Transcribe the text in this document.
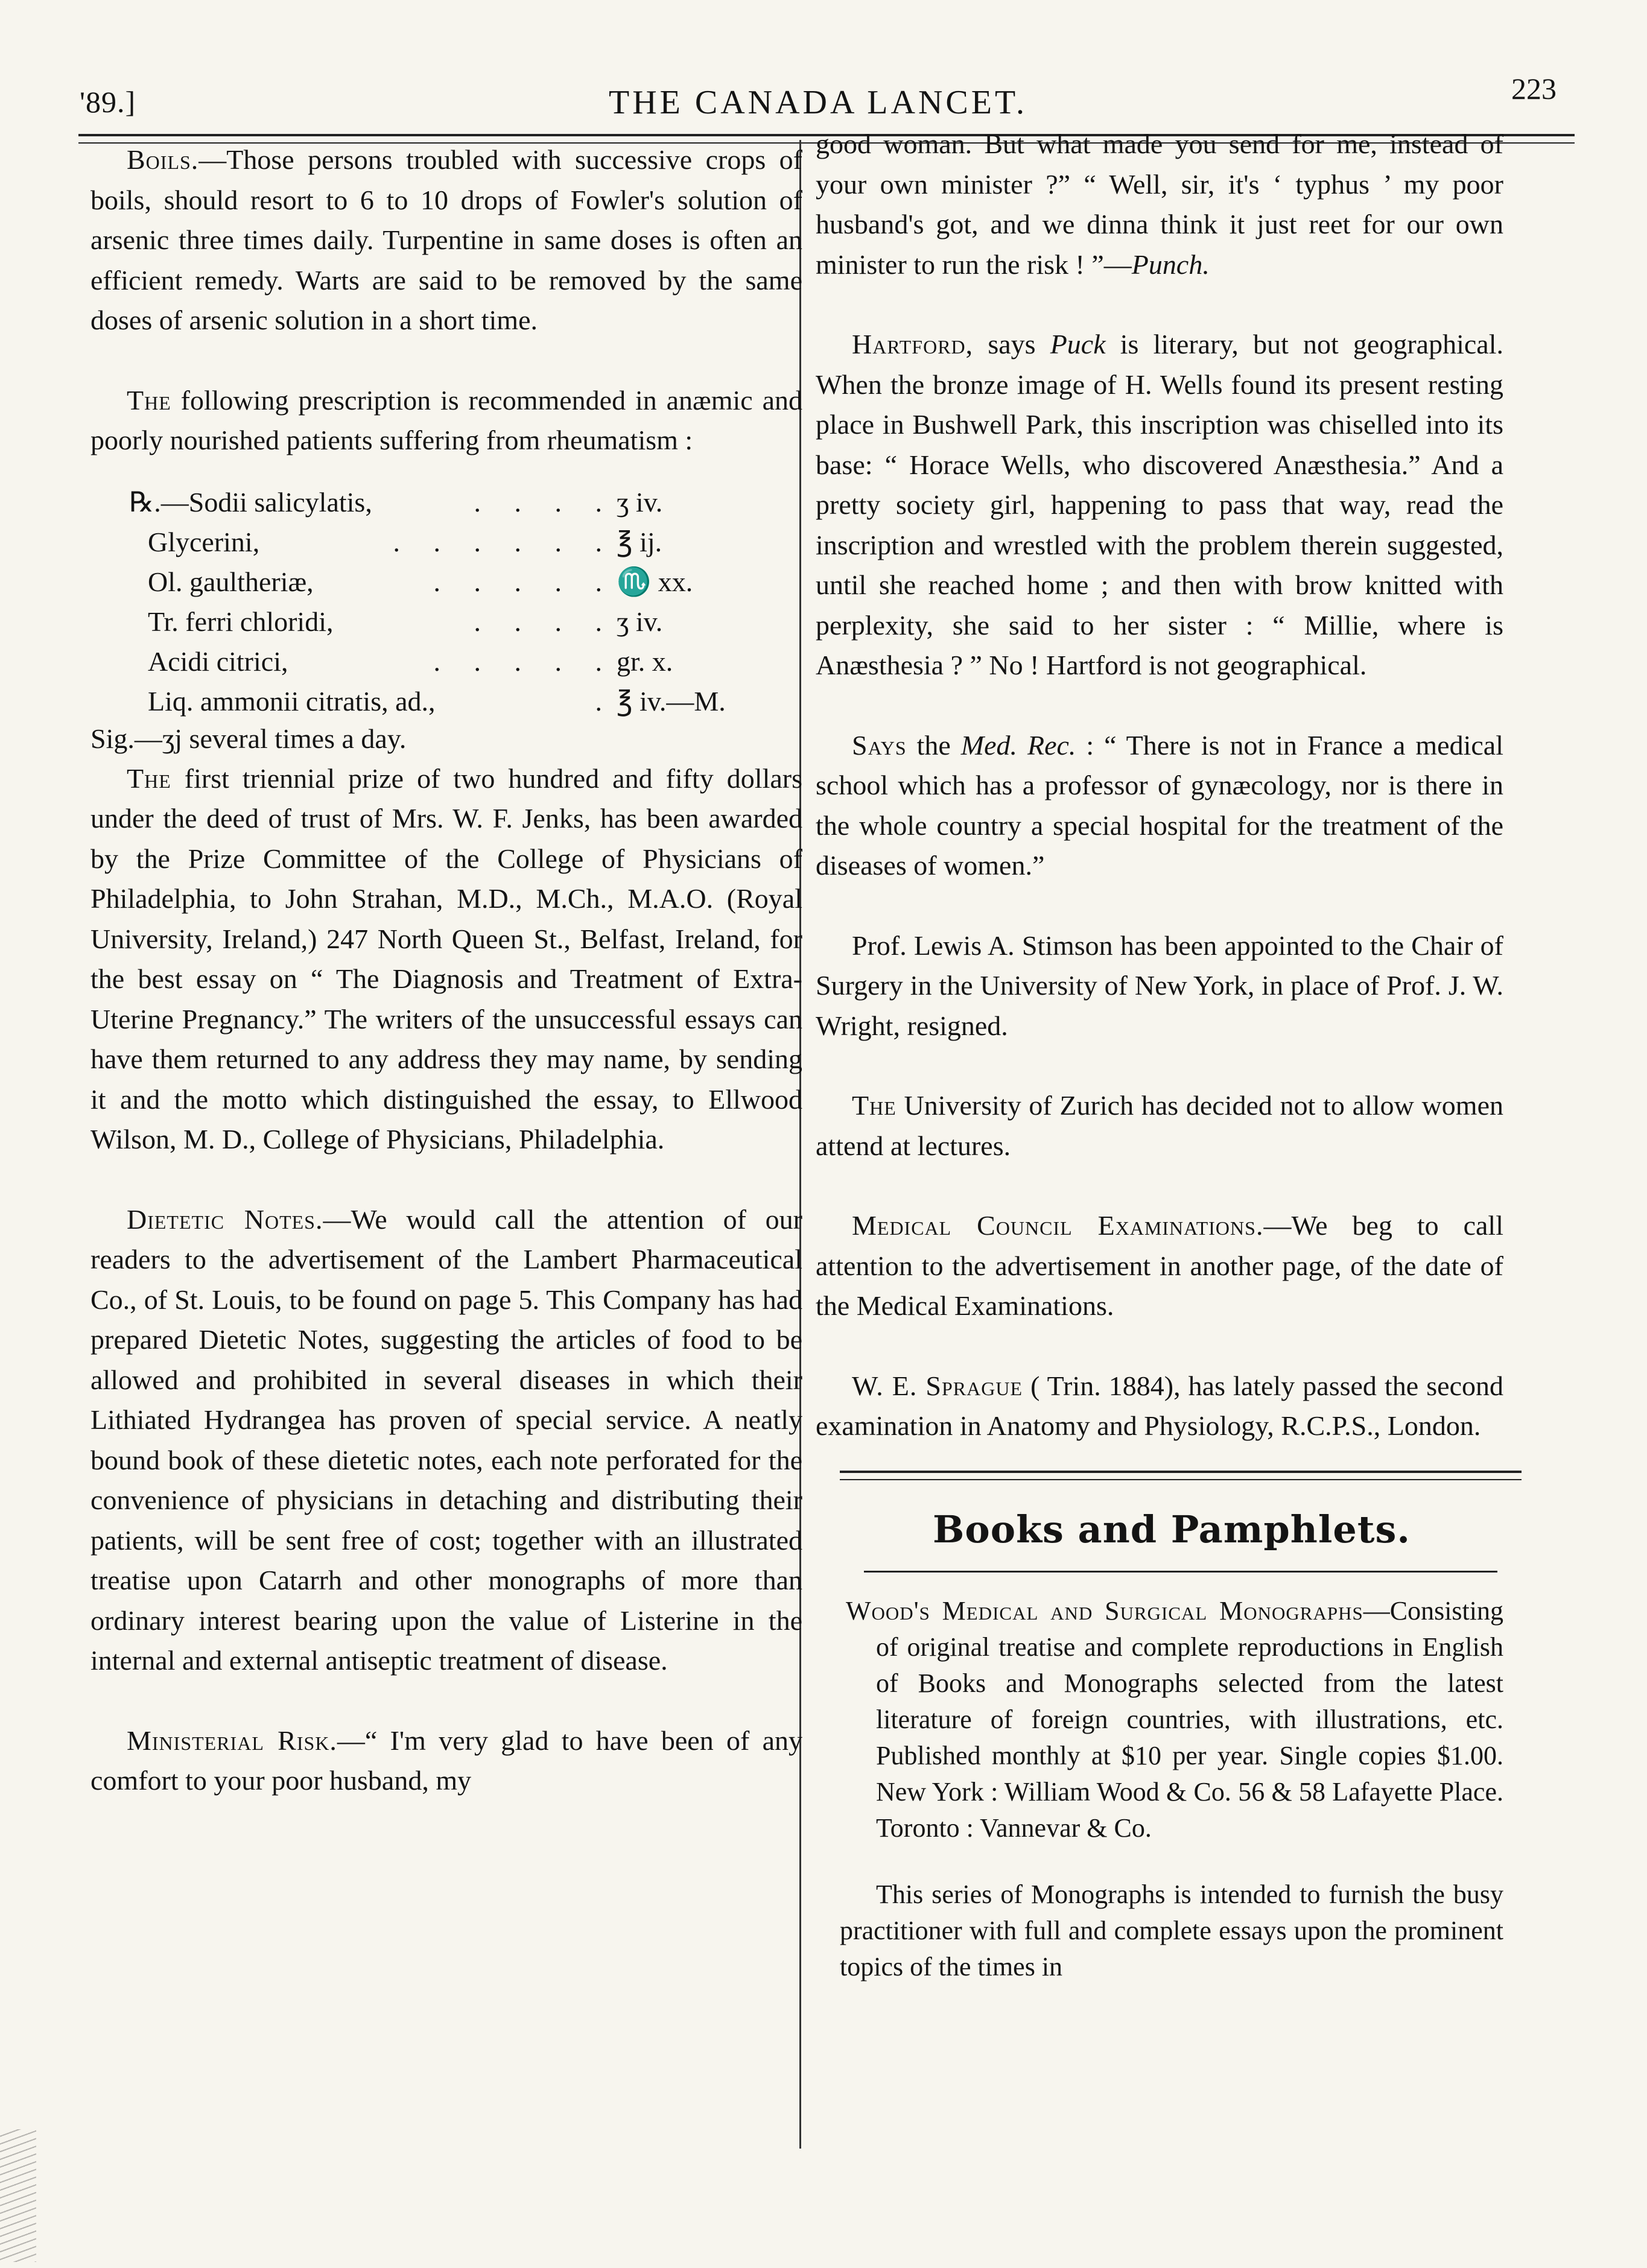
'89.]	THE CANADA LANCET.	223

Boils.—Those persons troubled with successive crops of boils, should resort to 6 to 10 drops of Fowler's solution of arsenic three times daily. Turpentine in same doses is often an efficient remedy. Warts are said to be removed by the same doses of arsenic solution in a short time.

The following prescription is recommended in anæmic and poorly nourished patients suffering from rheumatism :

℞.—Sodii salicylatis,	. . . . ʒ iv.
Glycerini,	. . . . . . ℥ ij.
Ol. gaultheriæ,	. . . . . ♏ xx.
Tr. ferri chloridi,	. . . . ʒ iv.
Acidi citrici,	. . . . . gr. x.
Liq. ammonii citratis, ad.,	. ℥ iv.—M.
Sig.—ʒj several times a day.

The first triennial prize of two hundred and fifty dollars under the deed of trust of Mrs. W. F. Jenks, has been awarded by the Prize Committee of the College of Physicians of Philadelphia, to John Strahan, M.D., M.Ch., M.A.O. (Royal University, Ireland,) 247 North Queen St., Belfast, Ireland, for the best essay on “ The Diagnosis and Treatment of Extra-Uterine Pregnancy.” The writers of the unsuccessful essays can have them returned to any address they may name, by sending it and the motto which distinguished the essay, to Ellwood Wilson, M. D., College of Physicians, Philadelphia.

Dietetic Notes.—We would call the attention of our readers to the advertisement of the Lambert Pharmaceutical Co., of St. Louis, to be found on page 5. This Company has had prepared Dietetic Notes, suggesting the articles of food to be allowed and prohibited in several diseases in which their Lithiated Hydrangea has proven of special service. A neatly bound book of these dietetic notes, each note perforated for the convenience of physicians in detaching and distributing their patients, will be sent free of cost; together with an illustrated treatise upon Catarrh and other monographs of more than ordinary interest bearing upon the value of Listerine in the internal and external antiseptic treatment of disease.

Ministerial Risk.—“ I'm very glad to have been of any comfort to your poor husband, my

good woman. But what made you send for me, instead of your own minister ?” “ Well, sir, it's ‘ typhus ’ my poor husband's got, and we dinna think it just reet for our own minister to run the risk ! ”—Punch.

Hartford, says Puck is literary, but not geographical. When the bronze image of H. Wells found its present resting place in Bushwell Park, this inscription was chiselled into its base: “ Horace Wells, who discovered Anæsthesia.” And a pretty society girl, happening to pass that way, read the inscription and wrestled with the problem therein suggested, until she reached home ; and then with brow knitted with perplexity, she said to her sister : “ Millie, where is Anæsthesia ? ” No ! Hartford is not geographical.

Says the Med. Rec. : “ There is not in France a medical school which has a professor of gynæcology, nor is there in the whole country a special hospital for the treatment of the diseases of women.”

Prof. Lewis A. Stimson has been appointed to the Chair of Surgery in the University of New York, in place of Prof. J. W. Wright, resigned.

The University of Zurich has decided not to allow women attend at lectures.

Medical Council Examinations.—We beg to call attention to the advertisement in another page, of the date of the Medical Examinations.

W. E. Sprague ( Trin. 1884), has lately passed the second examination in Anatomy and Physiology, R.C.P.S., London.

Books and Pamphlets.

Wood's Medical and Surgical Monographs—Consisting of original treatise and complete reproductions in English of Books and Monographs selected from the latest literature of foreign countries, with illustrations, etc. Published monthly at $10 per year. Single copies $1.00. New York : William Wood & Co. 56 & 58 Lafayette Place. Toronto : Vannevar & Co.

This series of Monographs is intended to furnish the busy practitioner with full and complete essays upon the prominent topics of the times in
